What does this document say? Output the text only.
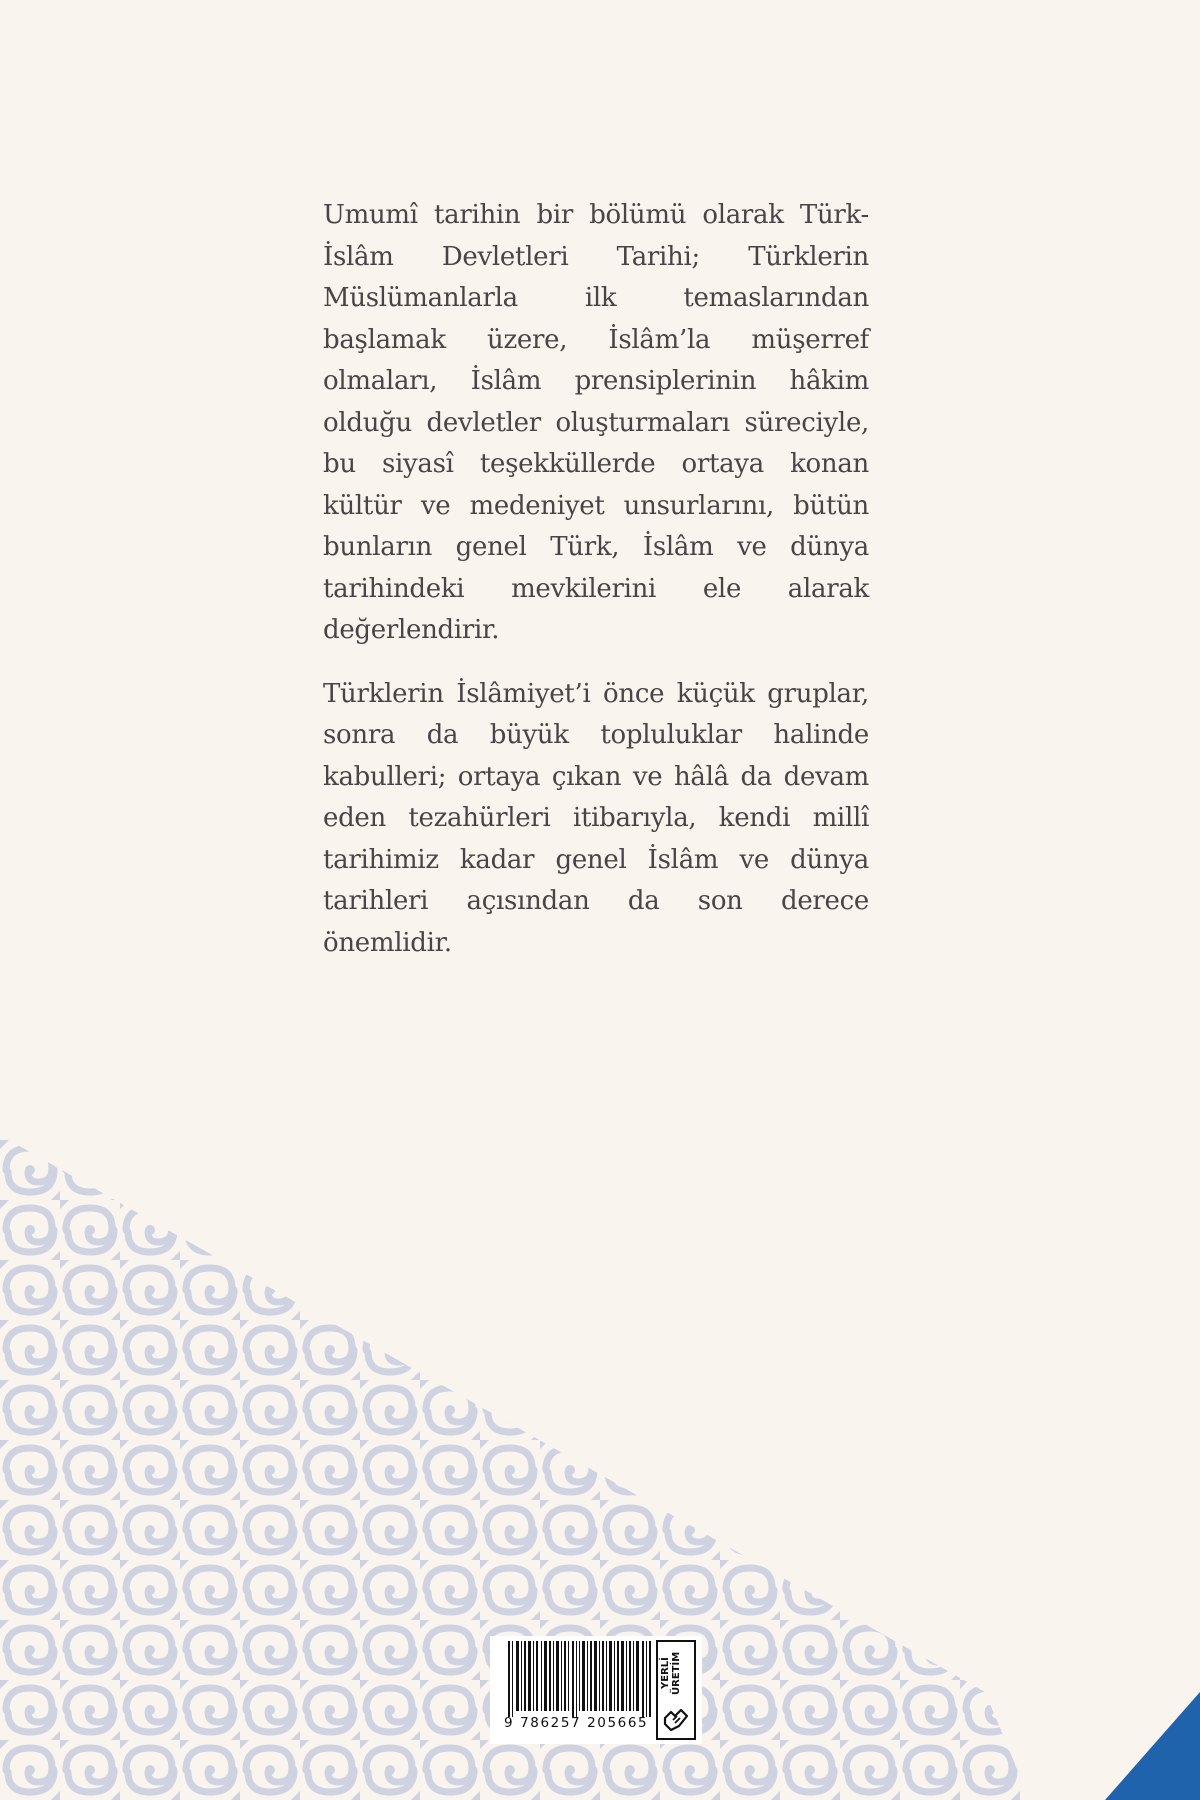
Umumî tarihin bir bölümü olarak Türk-İslâm Devletleri Tarihi; Türklerin Müslümanlarla ilk temaslarından başlamak üzere, İslâm’la müşerref olmaları, İslâm prensiplerinin hâkim olduğu devletler oluşturmaları süreciyle, bu siyasî teşekküllerde ortaya konan kültür ve medeniyet unsurlarını, bütün bunların genel Türk, İslâm ve dünya tarihindeki mevkilerini ele alarak değerlendirir.

Türklerin İslâmiyet’i önce küçük gruplar, sonra da büyük topluluklar halinde kabulleri; ortaya çıkan ve hâlâ da devam eden tezahürleri itibarıyla, kendi millî tarihimiz kadar genel İslâm ve dünya tarihleri açısından da son derece önemlidir.

9 786257 205665
YERLİ ÜRETİM
